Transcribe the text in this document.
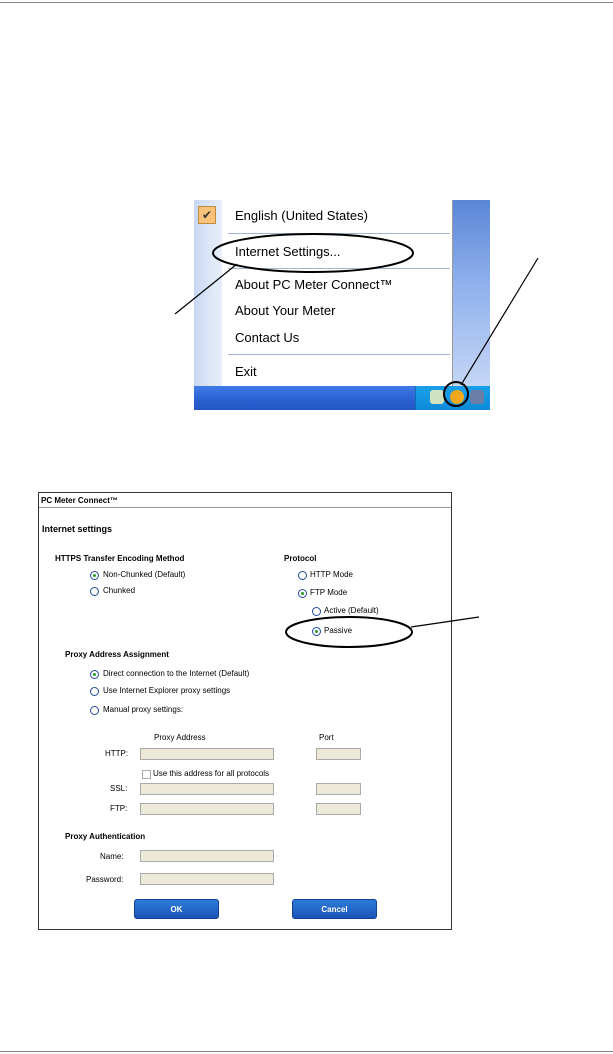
✔	English (United States)
Internet Settings...
About PC Meter Connect™
About Your Meter
Contact Us
Exit
PC Meter Connect™
Internet settings
HTTPS Transfer Encoding Method
Non-Chunked (Default)
Chunked
Protocol
HTTP Mode
FTP Mode
Active (Default)
Passive
Proxy Address Assignment
Direct connection to the Internet (Default)
Use Internet Explorer proxy settings
Manual proxy settings:
Proxy Address	Port
HTTP:
Use this address for all protocols
SSL:
FTP:
Proxy Authentication
Name:
Password:
OK	Cancel
